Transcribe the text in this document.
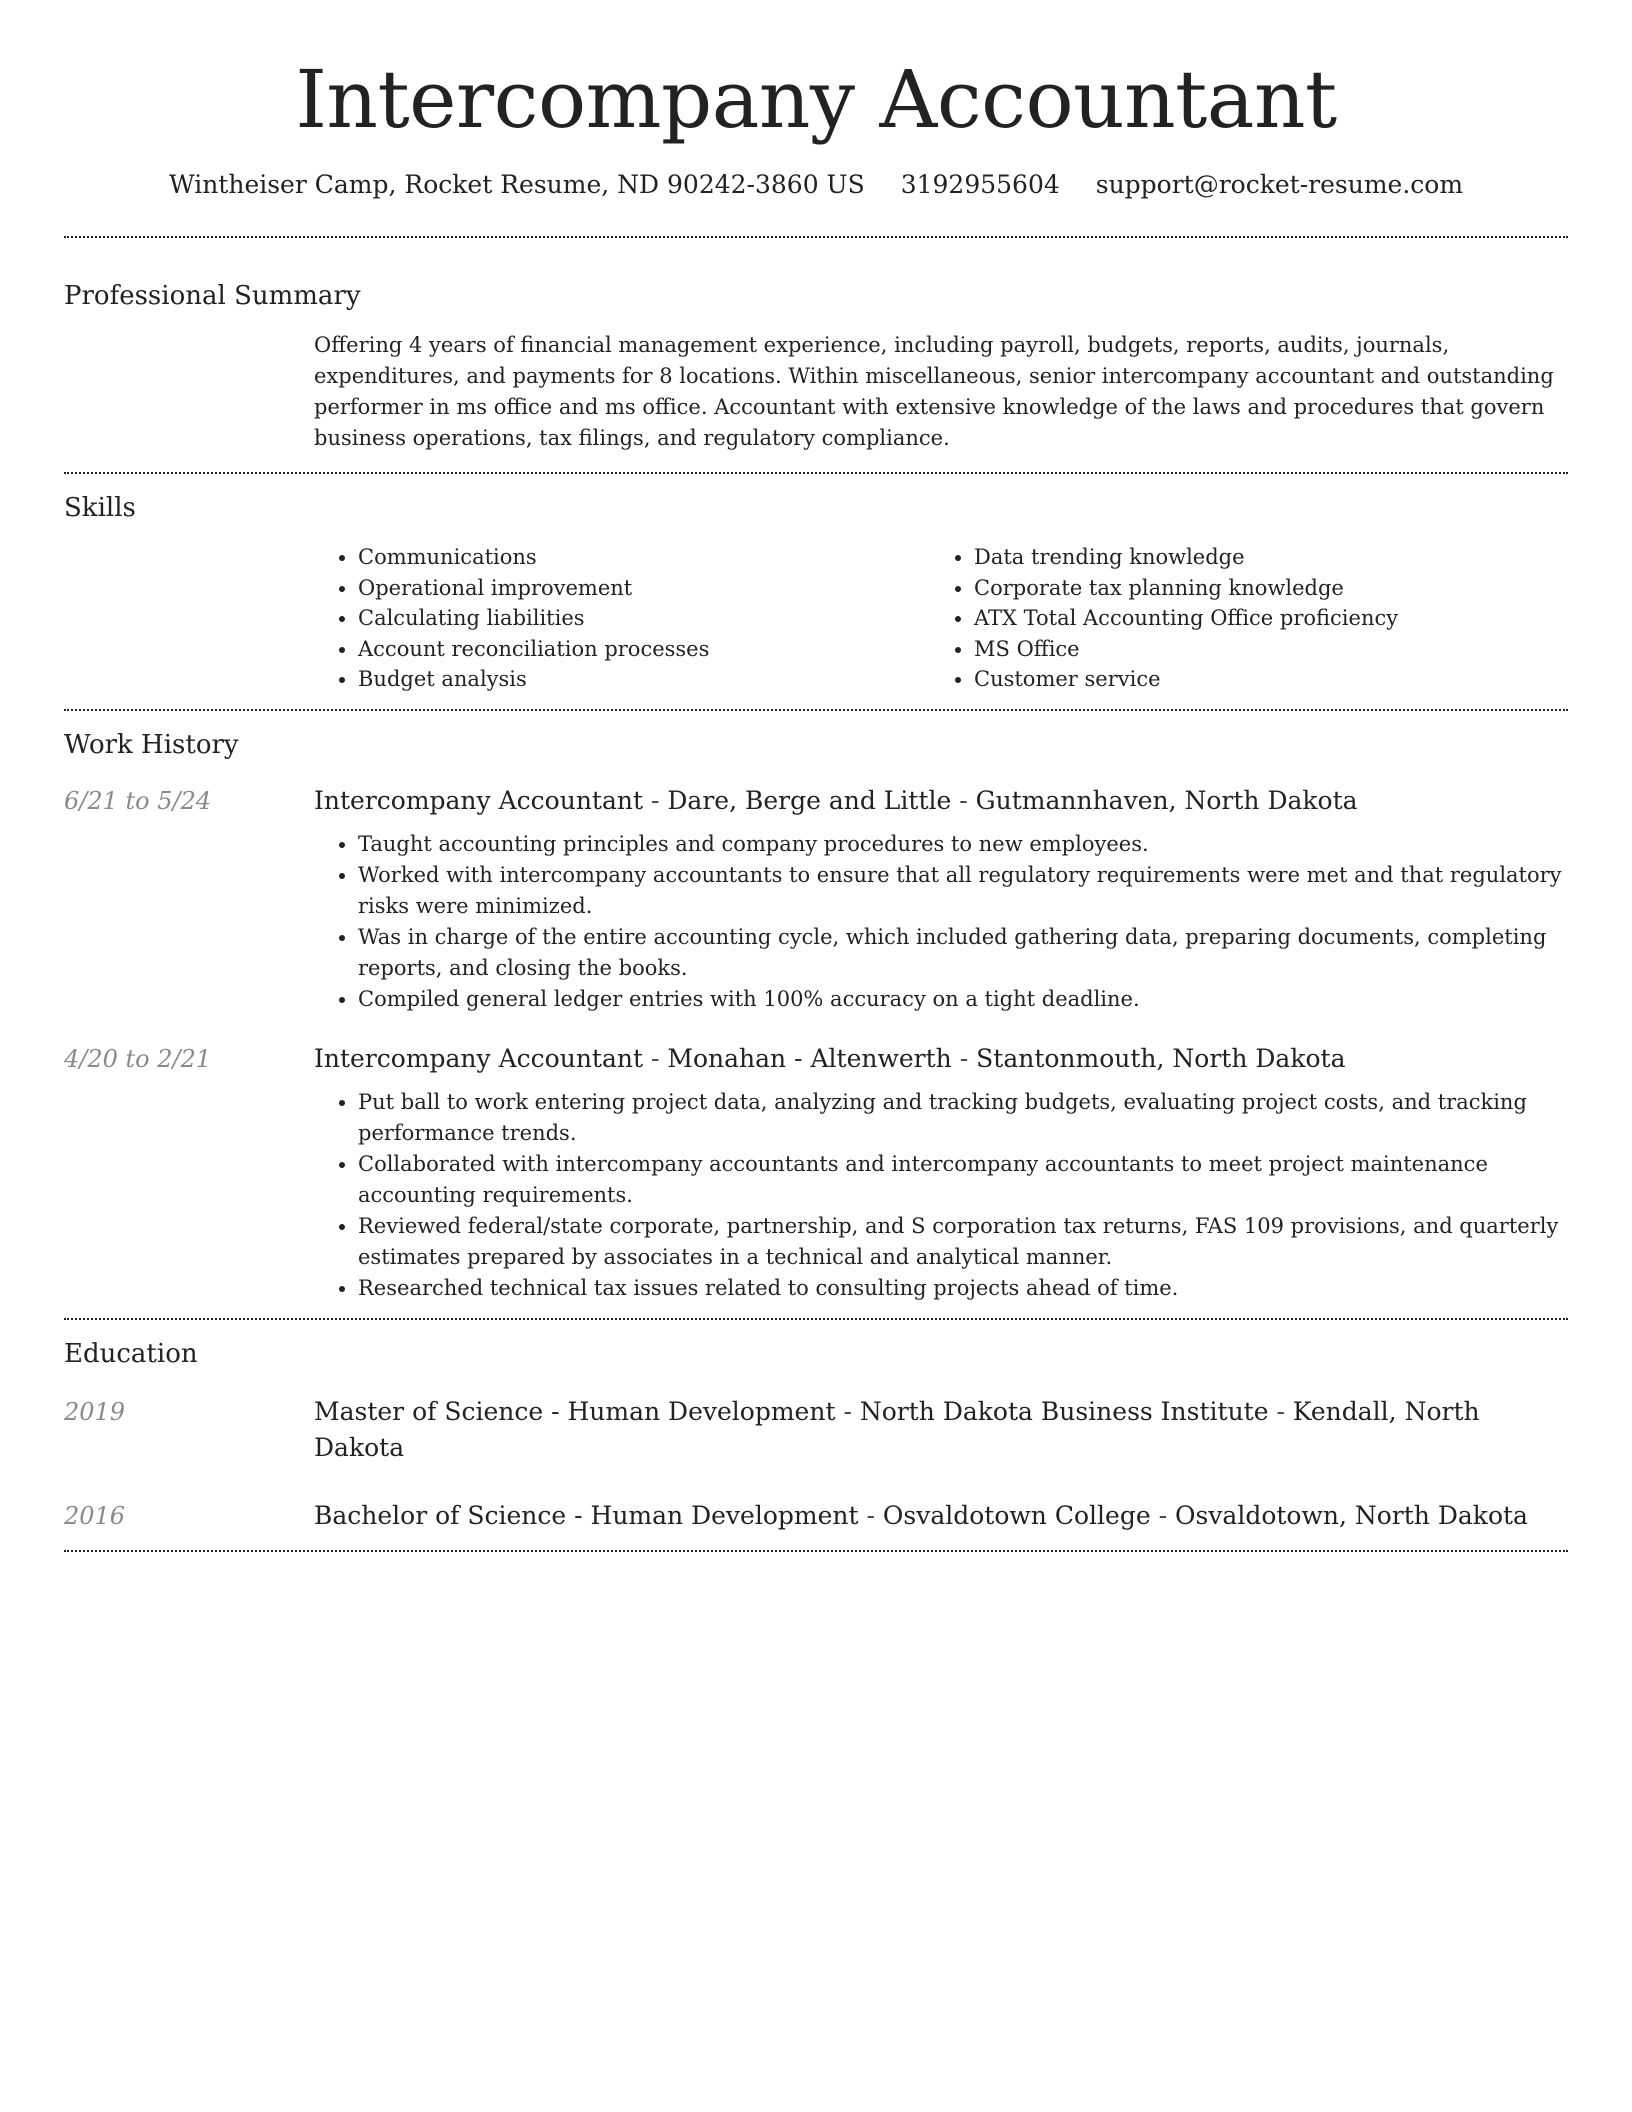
Intercompany Accountant
Wintheiser Camp, Rocket Resume, ND 90242-3860 US 3192955604 support@rocket-resume.com
Professional Summary
Offering 4 years of financial management experience, including payroll, budgets, reports, audits, journals, expenditures, and payments for 8 locations. Within miscellaneous, senior intercompany accountant and outstanding performer in ms office and ms office. Accountant with extensive knowledge of the laws and procedures that govern business operations, tax filings, and regulatory compliance.
Skills
• Communications
• Operational improvement
• Calculating liabilities
• Account reconciliation processes
• Budget analysis
• Data trending knowledge
• Corporate tax planning knowledge
• ATX Total Accounting Office proficiency
• MS Office
• Customer service
Work History
6/21 to 5/24	Intercompany Accountant - Dare, Berge and Little - Gutmannhaven, North Dakota
• Taught accounting principles and company procedures to new employees.
• Worked with intercompany accountants to ensure that all regulatory requirements were met and that regulatory risks were minimized.
• Was in charge of the entire accounting cycle, which included gathering data, preparing documents, completing reports, and closing the books.
• Compiled general ledger entries with 100% accuracy on a tight deadline.
4/20 to 2/21	Intercompany Accountant - Monahan - Altenwerth - Stantonmouth, North Dakota
• Put ball to work entering project data, analyzing and tracking budgets, evaluating project costs, and tracking performance trends.
• Collaborated with intercompany accountants and intercompany accountants to meet project maintenance accounting requirements.
• Reviewed federal/state corporate, partnership, and S corporation tax returns, FAS 109 provisions, and quarterly estimates prepared by associates in a technical and analytical manner.
• Researched technical tax issues related to consulting projects ahead of time.
Education
2019	Master of Science - Human Development - North Dakota Business Institute - Kendall, North Dakota
2016	Bachelor of Science - Human Development - Osvaldotown College - Osvaldotown, North Dakota
